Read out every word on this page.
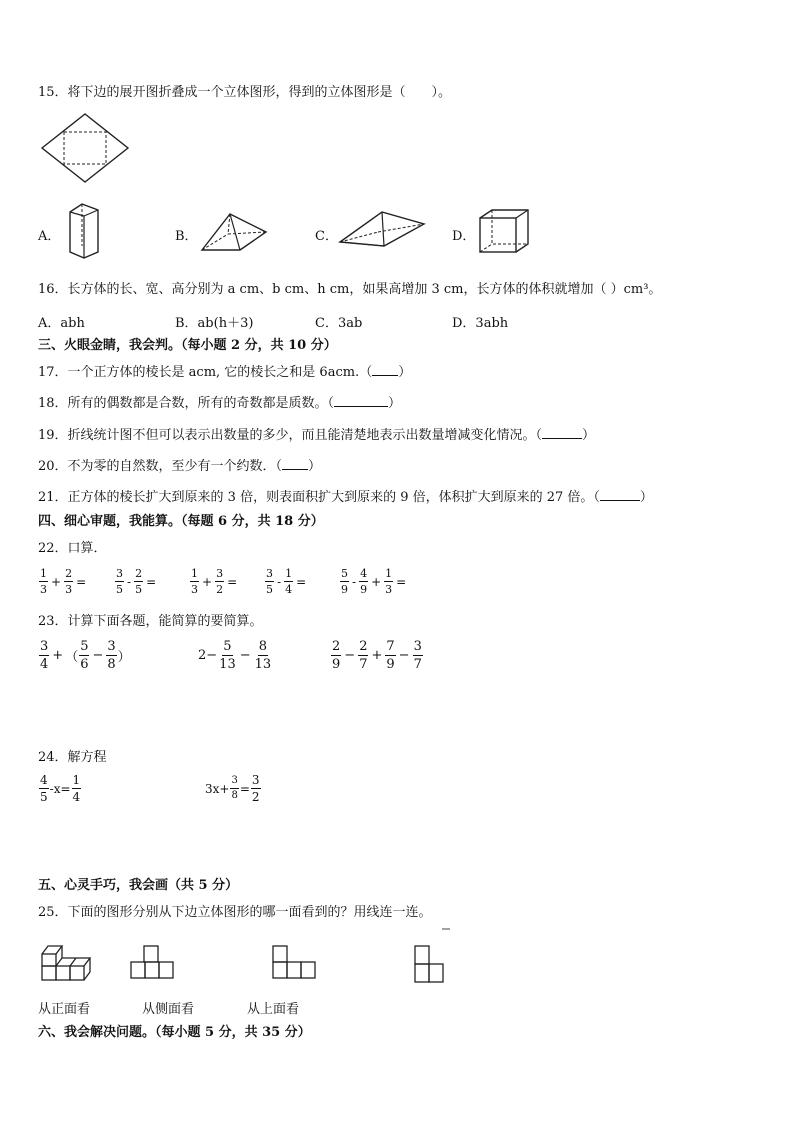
15．将下边的展开图折叠成一个立体图形，得到的立体图形是（　　）。
A．	B．	C．	D．
16．长方体的长、宽、高分别为 a cm、b cm、h cm，如果高增加 3 cm，长方体的体积就增加（ ）cm³。
A．abh	B．ab(h＋3)	C．3ab	D．3abh
三、火眼金睛，我会判。（每小题 2 分，共 10 分）
17．一个正方体的棱长是 acm, 它的棱长之和是 6acm.（ ）
18．所有的偶数都是合数，所有的奇数都是质数。（	）
19．折线统计图不但可以表示出数量的多少，而且能清楚地表示出数量增减变化情况。（	）
20．不为零的自然数，至少有一个约数．（ ）
21．正方体的棱长扩大到原来的 3 倍，则表面积扩大到原来的 9 倍，体积扩大到原来的 27 倍。（	）
四、细心审题，我能算。（每题 6 分，共 18 分）
22．口算．
$\frac{1}{3} + \frac{2}{3}$ =	$\frac{3}{5} - \frac{2}{5}$ =	$\frac{1}{3} + \frac{3}{2}$ =	$\frac{3}{5} - \frac{1}{4}$ =	$\frac{5}{9} - \frac{4}{9} + \frac{1}{3}$ =
23．计算下面各题，能简算的要简算。
$\frac{3}{4}$ + （ $\frac{5}{6} - \frac{3}{8}$ ）	$2- \frac{5}{13} - \frac{8}{13}$	$\frac{2}{9} - \frac{2}{7} + \frac{7}{9} - \frac{3}{7}$
24．解方程
$\frac{4}{5} -x= \frac{1}{4}$	$3x+ \frac{3}{8} = \frac{3}{2}$
五、心灵手巧，我会画（共 5 分）
25．下面的图形分别从下边立体图形的哪一面看到的？用线连一连。
从正面看	从侧面看	从上面看
六、我会解决问题。（每小题 5 分，共 35 分）
